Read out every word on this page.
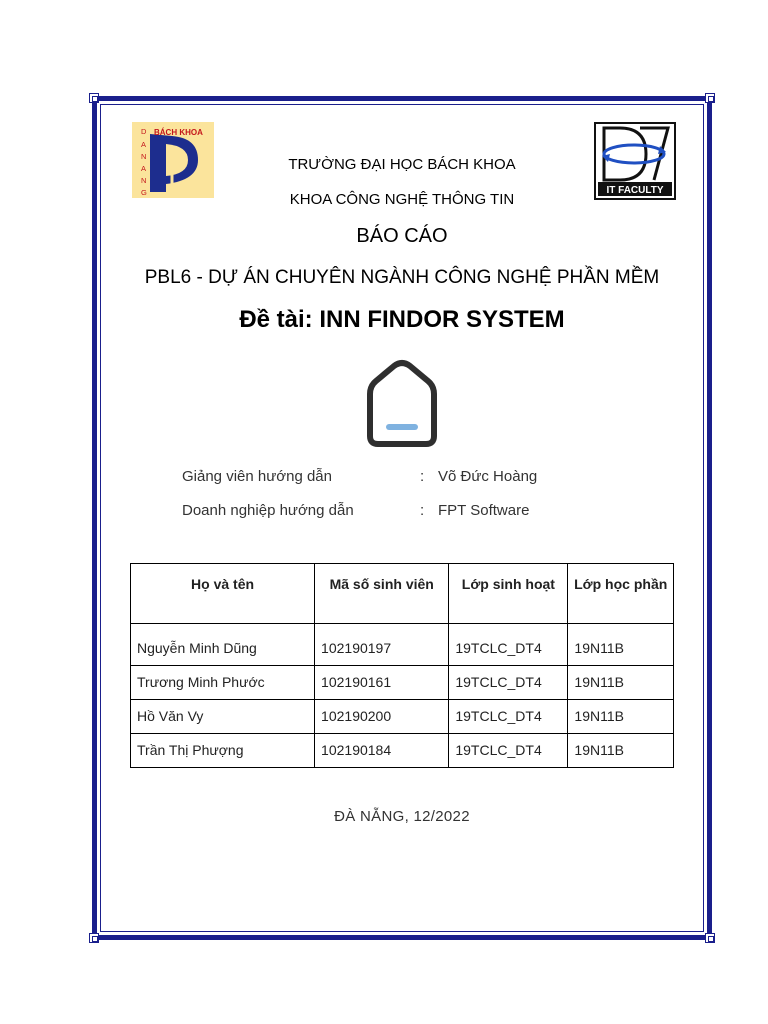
BÁCH KHOA
D
A
N
A
N
G	IT FACULTY
TRƯỜNG ĐẠI HỌC BÁCH KHOA
KHOA CÔNG NGHỆ THÔNG TIN
BÁO CÁO
PBL6 - DỰ ÁN CHUYÊN NGÀNH CÔNG NGHỆ PHẦN MỀM
Đề tài: INN FINDOR SYSTEM
Giảng viên hướng dẫn	: Võ Đức Hoàng
Doanh nghiệp hướng dẫn	: FPT Software
Họ và tên	Mã số sinh viên	Lớp sinh hoạt	Lớp học phần
Nguyễn Minh Dũng	102190197	19TCLC_DT4	19N11B
Trương Minh Phước	102190161	19TCLC_DT4	19N11B
Hồ Văn Vy	102190200	19TCLC_DT4	19N11B
Trần Thị Phượng	102190184	19TCLC_DT4	19N11B
ĐÀ NẴNG, 12/2022
